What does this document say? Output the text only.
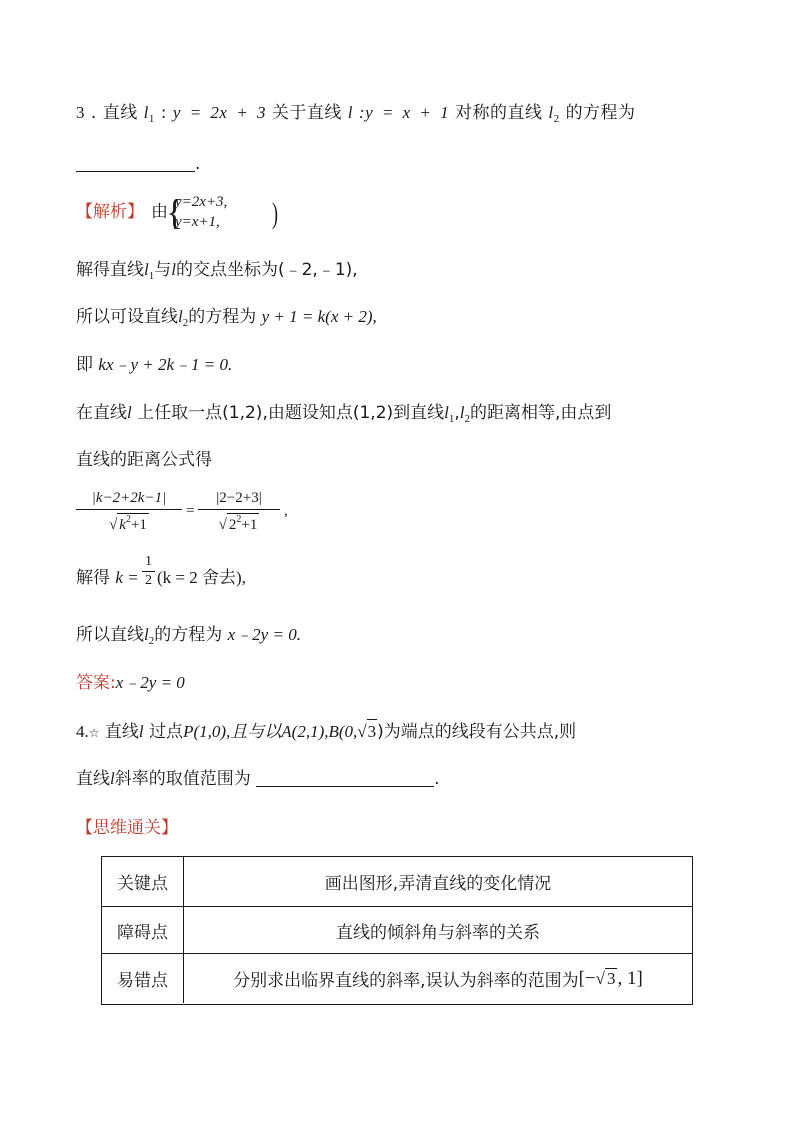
3 . 直线 $l_1$ : y = 2x + 3 关于直线 l :y = x + 1 对称的直线 $l_2$ 的方程为
.
【解析】 由
{
y=2x+3,
y=x+1, )
解得直线$l_1$与l的交点坐标为(﹣2,﹣1),
所以可设直线$l_2$的方程为 y + 1 = k(x + 2),
即 kx﹣y + 2k﹣1 = 0.
在直线l 上任取一点(1,2),由题设知点(1,2)到直线$l_1,l_2$的距离相等,由点到
直线的距离公式得
$\frac{|k-2+2k-1|}{√ k^2+1} = \frac{|2-2+3|}{√ 2^2+1}$ ,
解得 $k = \frac{1}{2} (k = 2$ 舍去),
所以直线$l_2$的方程为 x﹣2y = 0.
答案:x﹣2y = 0
4.☆ 直线l 过点P(1,0),且与以A(2,1),B(0,√3)为端点的线段有公共点,则
直线l斜率的取值范围为	.
【思维通关】
关键点	画出图形,弄清直线的变化情况
障碍点	直线的倾斜角与斜率的关系
易错点	分别求出临界直线的斜率,误认为斜率的范围为 [− √ 3 , 1]
